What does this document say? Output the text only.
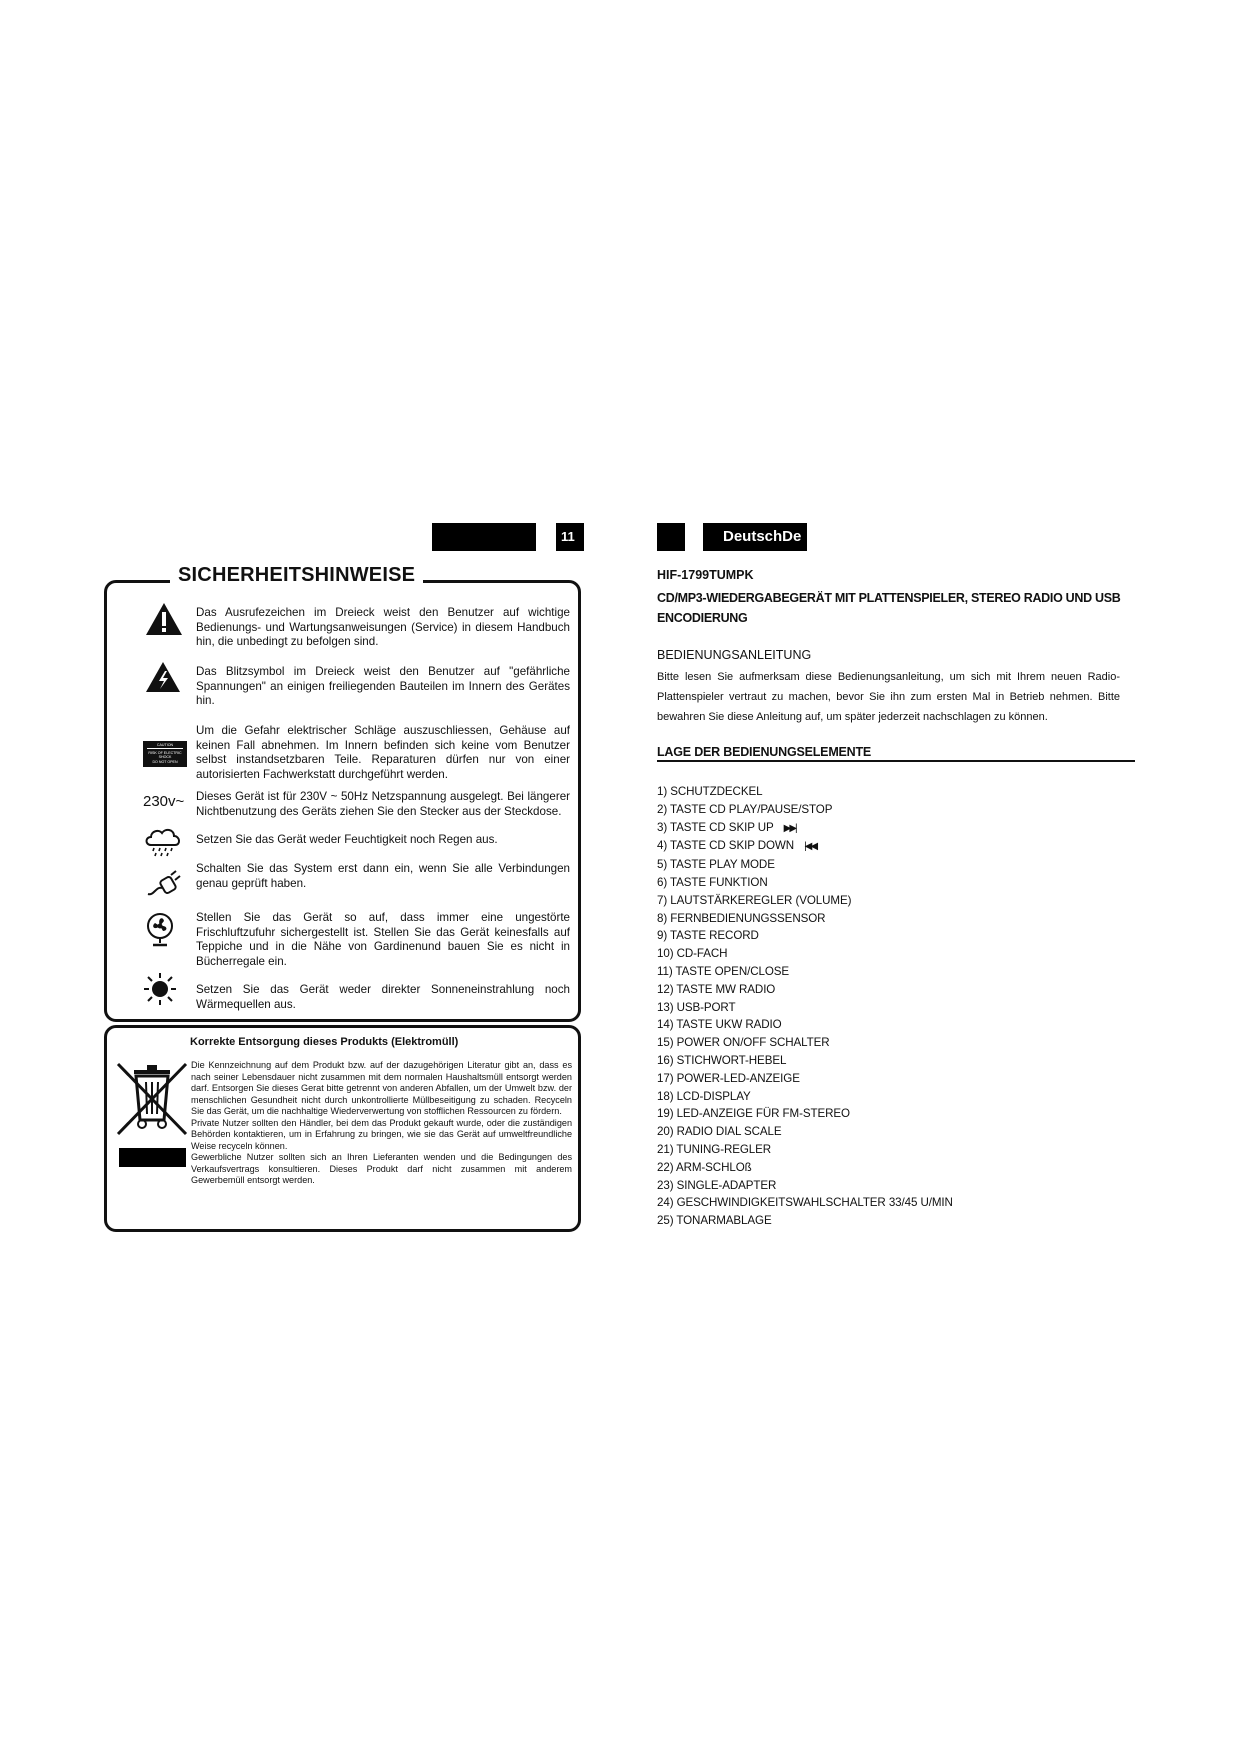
11	DeutschDe
SICHERHEITSHINWEISE
Das Ausrufezeichen im Dreieck weist den Benutzer auf wichtige Bedienungs- und Wartungsanweisungen (Service) in diesem Handbuch hin, die unbedingt zu befolgen sind.
Das Blitzsymbol im Dreieck weist den Benutzer auf "gefährliche Spannungen" an einigen freiliegenden Bauteilen im Innern des Gerätes hin.
CAUTION
RISK OF ELECTRIC SHOCK
DO NOT OPEN
Um die Gefahr elektrischer Schläge auszuschliessen, Gehäuse auf keinen Fall abnehmen. Im Innern befinden sich keine vom Benutzer selbst instandsetzbaren Teile. Reparaturen dürfen nur von einer autorisierten Fachwerkstatt durchgeführt werden.
230v~ Dieses Gerät ist für 230V ~ 50Hz Netzspannung ausgelegt. Bei längerer Nichtbenutzung des Geräts ziehen Sie den Stecker aus der Steckdose.
Setzen Sie das Gerät weder Feuchtigkeit noch Regen aus.
Schalten Sie das System erst dann ein, wenn Sie alle Verbindungen genau geprüft haben.
Stellen Sie das Gerät so auf, dass immer eine ungestörte Frischluftzufuhr sichergestellt ist. Stellen Sie das Gerät keinesfalls auf Teppiche und in die Nähe von Gardinenund bauen Sie es nicht in Bücherregale ein.
Setzen Sie das Gerät weder direkter Sonneneinstrahlung noch Wärmequellen aus.
Korrekte Entsorgung dieses Produkts (Elektromüll)
Die Kennzeichnung auf dem Produkt bzw. auf der dazugehörigen Literatur gibt an, dass es nach seiner Lebensdauer nicht zusammen mit dem normalen Haushaltsmüll entsorgt werden darf. Entsorgen Sie dieses Gerat bitte getrennt von anderen Abfallen, um der Umwelt bzw. der menschlichen Gesundheit nicht durch unkontrollierte Müllbeseitigung zu schaden. Recyceln Sie das Gerät, um die nachhaltige Wiederverwertung von stofflichen Ressourcen zu fördern.
Private Nutzer sollten den Händler, bei dem das Produkt gekauft wurde, oder die zuständigen Behörden kontaktieren, um in Erfahrung zu bringen, wie sie das Gerät auf umweltfreundliche Weise recyceln können.
Gewerbliche Nutzer sollten sich an Ihren Lieferanten wenden und die Bedingungen des Verkaufsvertrags konsultieren. Dieses Produkt darf nicht zusammen mit anderem Gewerbemüll entsorgt werden.
HIF-1799TUMPK
CD/MP3-WIEDERGABEGERÄT MIT PLATTENSPIELER, STEREO RADIO UND USB ENCODIERUNG
BEDIENUNGSANLEITUNG
Bitte lesen Sie aufmerksam diese Bedienungsanleitung, um sich mit Ihrem neuen Radio-Plattenspieler vertraut zu machen, bevor Sie ihn zum ersten Mal in Betrieb nehmen. Bitte bewahren Sie diese Anleitung auf, um später jederzeit nachschlagen zu können.
LAGE DER BEDIENUNGSELEMENTE
1) SCHUTZDECKEL
2) TASTE CD PLAY/PAUSE/STOP
3) TASTE CD SKIP UP ▶▶|
4) TASTE CD SKIP DOWN |◀◀
5) TASTE PLAY MODE
6) TASTE FUNKTION
7) LAUTSTÄRKEREGLER (VOLUME)
8) FERNBEDIENUNGSSENSOR
9) TASTE RECORD
10) CD-FACH
11) TASTE OPEN/CLOSE
12) TASTE MW RADIO
13) USB-PORT
14) TASTE UKW RADIO
15) POWER ON/OFF SCHALTER
16) STICHWORT-HEBEL
17) POWER-LED-ANZEIGE
18) LCD-DISPLAY
19) LED-ANZEIGE FÜR FM-STEREO
20) RADIO DIAL SCALE
21) TUNING-REGLER
22) ARM-SCHLOß
23) SINGLE-ADAPTER
24) GESCHWINDIGKEITSWAHLSCHALTER 33/45 U/MIN
25) TONARMABLAGE
